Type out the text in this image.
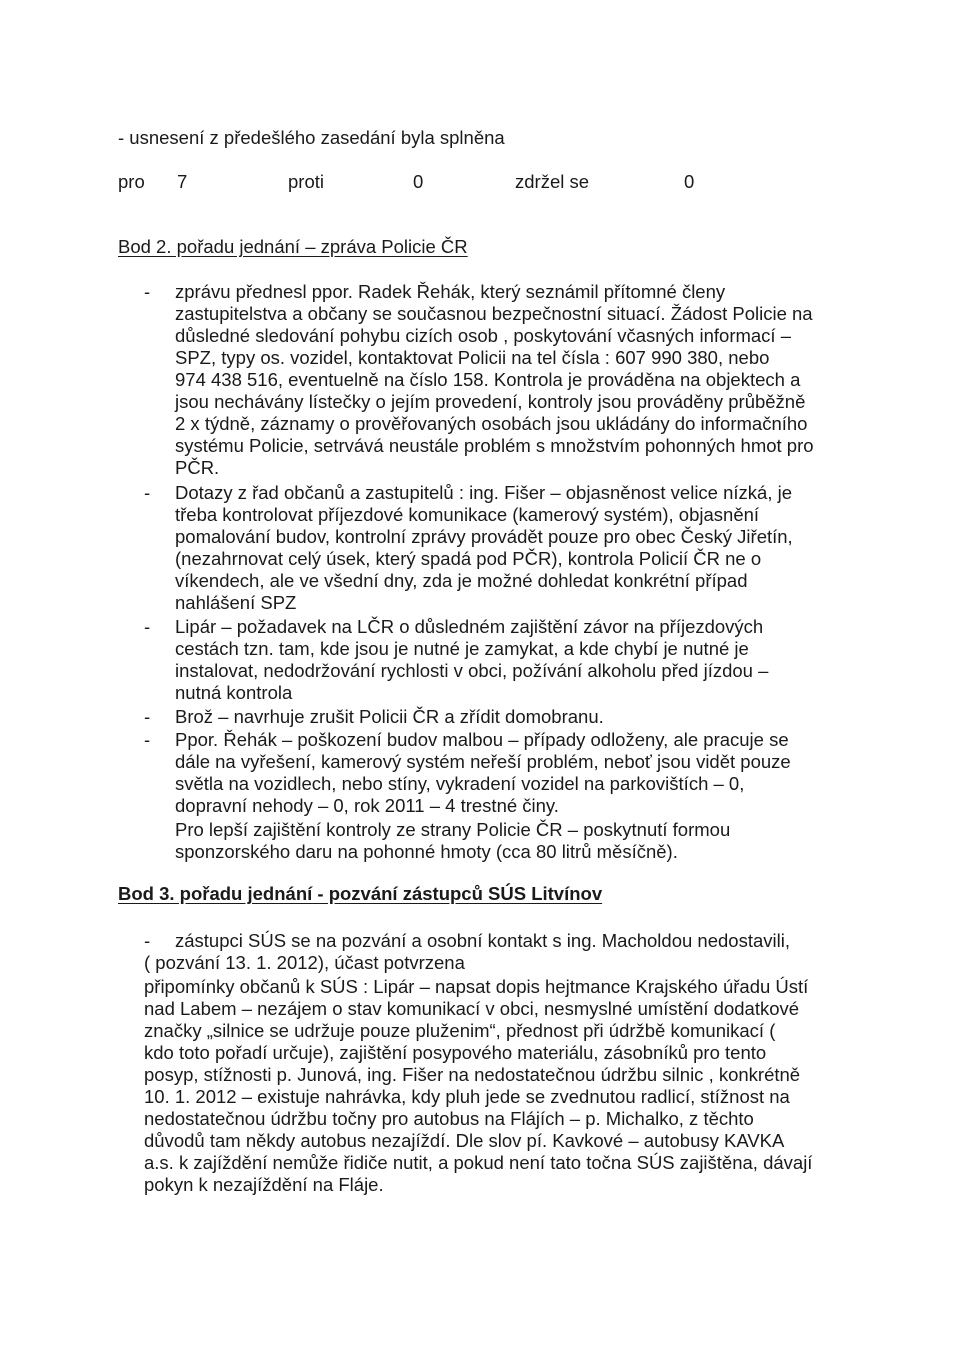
- usnesení z předešlého zasedání byla splněna
pro 7	proti	0	zdržel se	0
Bod 2. pořadu jednání – zpráva Policie ČR
- zprávu přednesl ppor. Radek Řehák, který seznámil přítomné členy
zastupitelstva a občany se současnou bezpečnostní situací. Žádost Policie na
důsledné sledování pohybu cizích osob , poskytování včasných informací –
SPZ, typy os. vozidel, kontaktovat Policii na tel čísla : 607 990 380, nebo
974 438 516, eventuelně na číslo 158. Kontrola je prováděna na objektech a
jsou nechávány lístečky o jejím provedení, kontroly jsou prováděny průběžně
2 x týdně, záznamy o prověřovaných osobách jsou ukládány do informačního
systému Policie, setrvává neustále problém s množstvím pohonných hmot pro
PČR.
- Dotazy z řad občanů a zastupitelů : ing. Fišer – objasněnost velice nízká, je
třeba kontrolovat příjezdové komunikace (kamerový systém), objasnění
pomalování budov, kontrolní zprávy provádět pouze pro obec Český Jiřetín,
(nezahrnovat celý úsek, který spadá pod PČR), kontrola Policií ČR ne o
víkendech, ale ve všední dny, zda je možné dohledat konkrétní případ
nahlášení SPZ
- Lipár – požadavek na LČR o důsledném zajištění závor na příjezdových
cestách tzn. tam, kde jsou je nutné je zamykat, a kde chybí je nutné je
instalovat, nedodržování rychlosti v obci, požívání alkoholu před jízdou –
nutná kontrola
- Brož – navrhuje zrušit Policii ČR a zřídit domobranu.
- Ppor. Řehák – poškození budov malbou – případy odloženy, ale pracuje se
dále na vyřešení, kamerový systém neřeší problém, neboť jsou vidět pouze
světla na vozidlech, nebo stíny, vykradení vozidel na parkovištích – 0,
dopravní nehody – 0, rok 2011 – 4 trestné činy.
Pro lepší zajištění kontroly ze strany Policie ČR – poskytnutí formou
sponzorského daru na pohonné hmoty (cca 80 litrů měsíčně).
Bod 3. pořadu jednání - pozvání zástupců SÚS Litvínov
- zástupci SÚS se na pozvání a osobní kontakt s ing. Macholdou nedostavili,
( pozvání 13. 1. 2012), účast potvrzena
připomínky občanů k SÚS : Lipár – napsat dopis hejtmance Krajského úřadu Ústí
nad Labem – nezájem o stav komunikací v obci, nesmyslné umístění dodatkové
značky „silnice se udržuje pouze pluženim“, přednost při údržbě komunikací (
kdo toto pořadí určuje), zajištění posypového materiálu, zásobníků pro tento
posyp, stížnosti p. Junová, ing. Fišer na nedostatečnou údržbu silnic , konkrétně
10. 1. 2012 – existuje nahrávka, kdy pluh jede se zvednutou radlicí, stížnost na
nedostatečnou údržbu točny pro autobus na Flájích – p. Michalko, z těchto
důvodů tam někdy autobus nezajíždí. Dle slov pí. Kavkové – autobusy KAVKA
a.s. k zajíždění nemůže řidiče nutit, a pokud není tato točna SÚS zajištěna, dávají
pokyn k nezajíždění na Fláje.
